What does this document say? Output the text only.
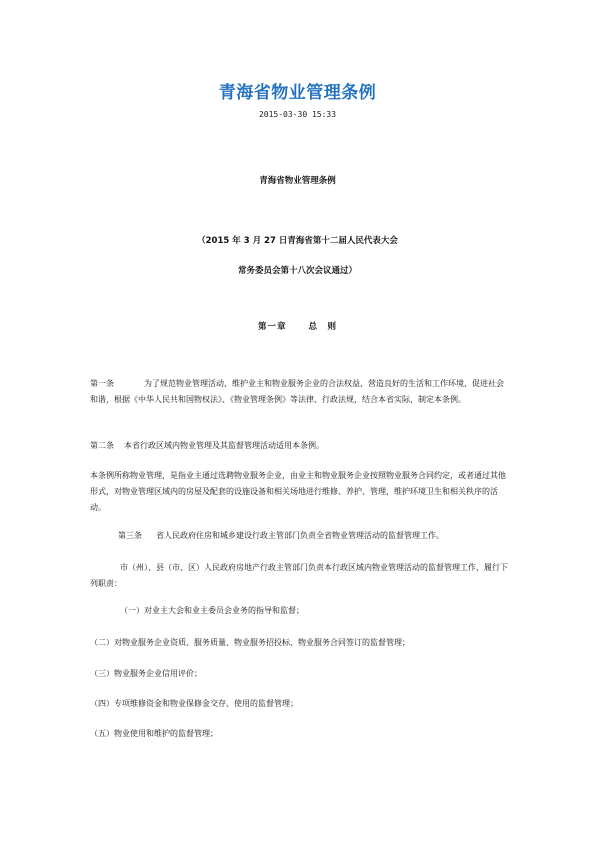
青海省物业管理条例
2015-03-30 15:33
青海省物业管理条例
（2015 年 3 月 27 日青海省第十二届人民代表大会
常务委员会第十八次会议通过）
第一章	总　则
第一条	为了规范物业管理活动，维护业主和物业服务企业的合法权益，营造良好的生活和工作环境，促进社会和谐，根据《中华人民共和国物权法》、《物业管理条例》等法律、行政法规，结合本省实际，制定本条例。
第二条 本省行政区域内物业管理及其监督管理活动适用本条例。
本条例所称物业管理，是指业主通过选聘物业服务企业，由业主和物业服务企业按照物业服务合同约定，或者通过其他形式，对物业管理区域内的房屋及配套的设施设备和相关场地进行维修、养护、管理，维护环境卫生和相关秩序的活动。
第三条 省人民政府住房和城乡建设行政主管部门负责全省物业管理活动的监督管理工作。
市（州）、县（市、区）人民政府房地产行政主管部门负责本行政区域内物业管理活动的监督管理工作，履行下列职责：
（一）对业主大会和业主委员会业务的指导和监督；
（二）对物业服务企业资质、服务质量、物业服务招投标、物业服务合同签订的监督管理；
（三）物业服务企业信用评价；
（四）专项维修资金和物业保修金交存、使用的监督管理；
（五）物业使用和维护的监督管理；
